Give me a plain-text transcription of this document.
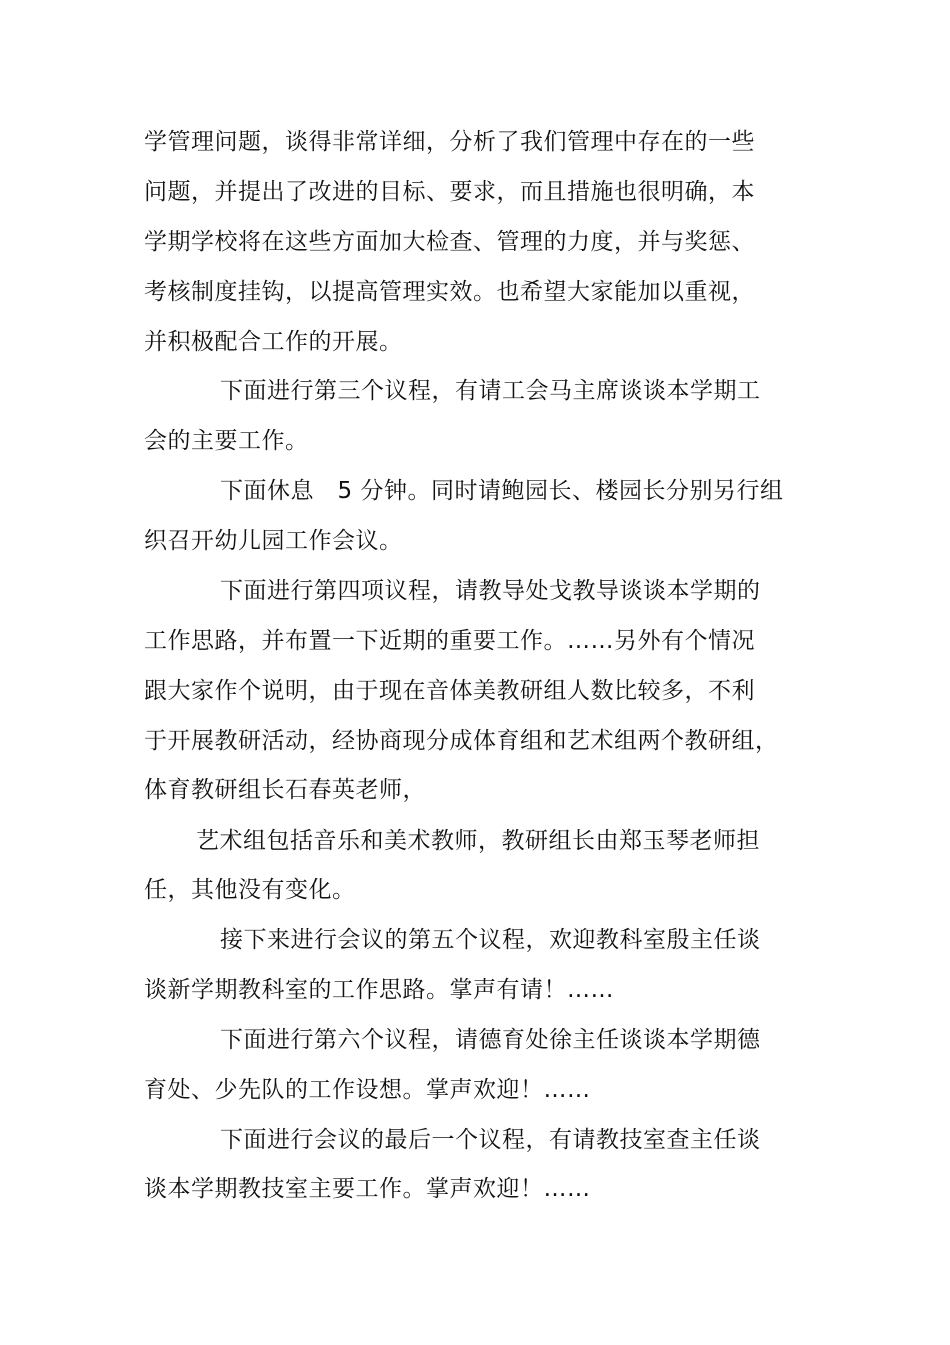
学管理问题，谈得非常详细，分析了我们管理中存在的一些
问题，并提出了改进的目标、要求，而且措施也很明确，本
学期学校将在这些方面加大检查、管理的力度，并与奖惩、
考核制度挂钩，以提高管理实效。也希望大家能加以重视，
并积极配合工作的开展。
下面进行第三个议程，有请工会马主席谈谈本学期工
会的主要工作。
下面休息　5 分钟。同时请鲍园长、楼园长分别另行组
织召开幼儿园工作会议。
下面进行第四项议程，请教导处戈教导谈谈本学期的
工作思路，并布置一下近期的重要工作。……另外有个情况
跟大家作个说明，由于现在音体美教研组人数比较多，不利
于开展教研活动，经协商现分成体育组和艺术组两个教研组，
体育教研组长石春英老师，
艺术组包括音乐和美术教师，教研组长由郑玉琴老师担
任，其他没有变化。
接下来进行会议的第五个议程，欢迎教科室殷主任谈
谈新学期教科室的工作思路。掌声有请！……
下面进行第六个议程，请德育处徐主任谈谈本学期德
育处、少先队的工作设想。掌声欢迎！……
下面进行会议的最后一个议程，有请教技室查主任谈
谈本学期教技室主要工作。掌声欢迎！……
